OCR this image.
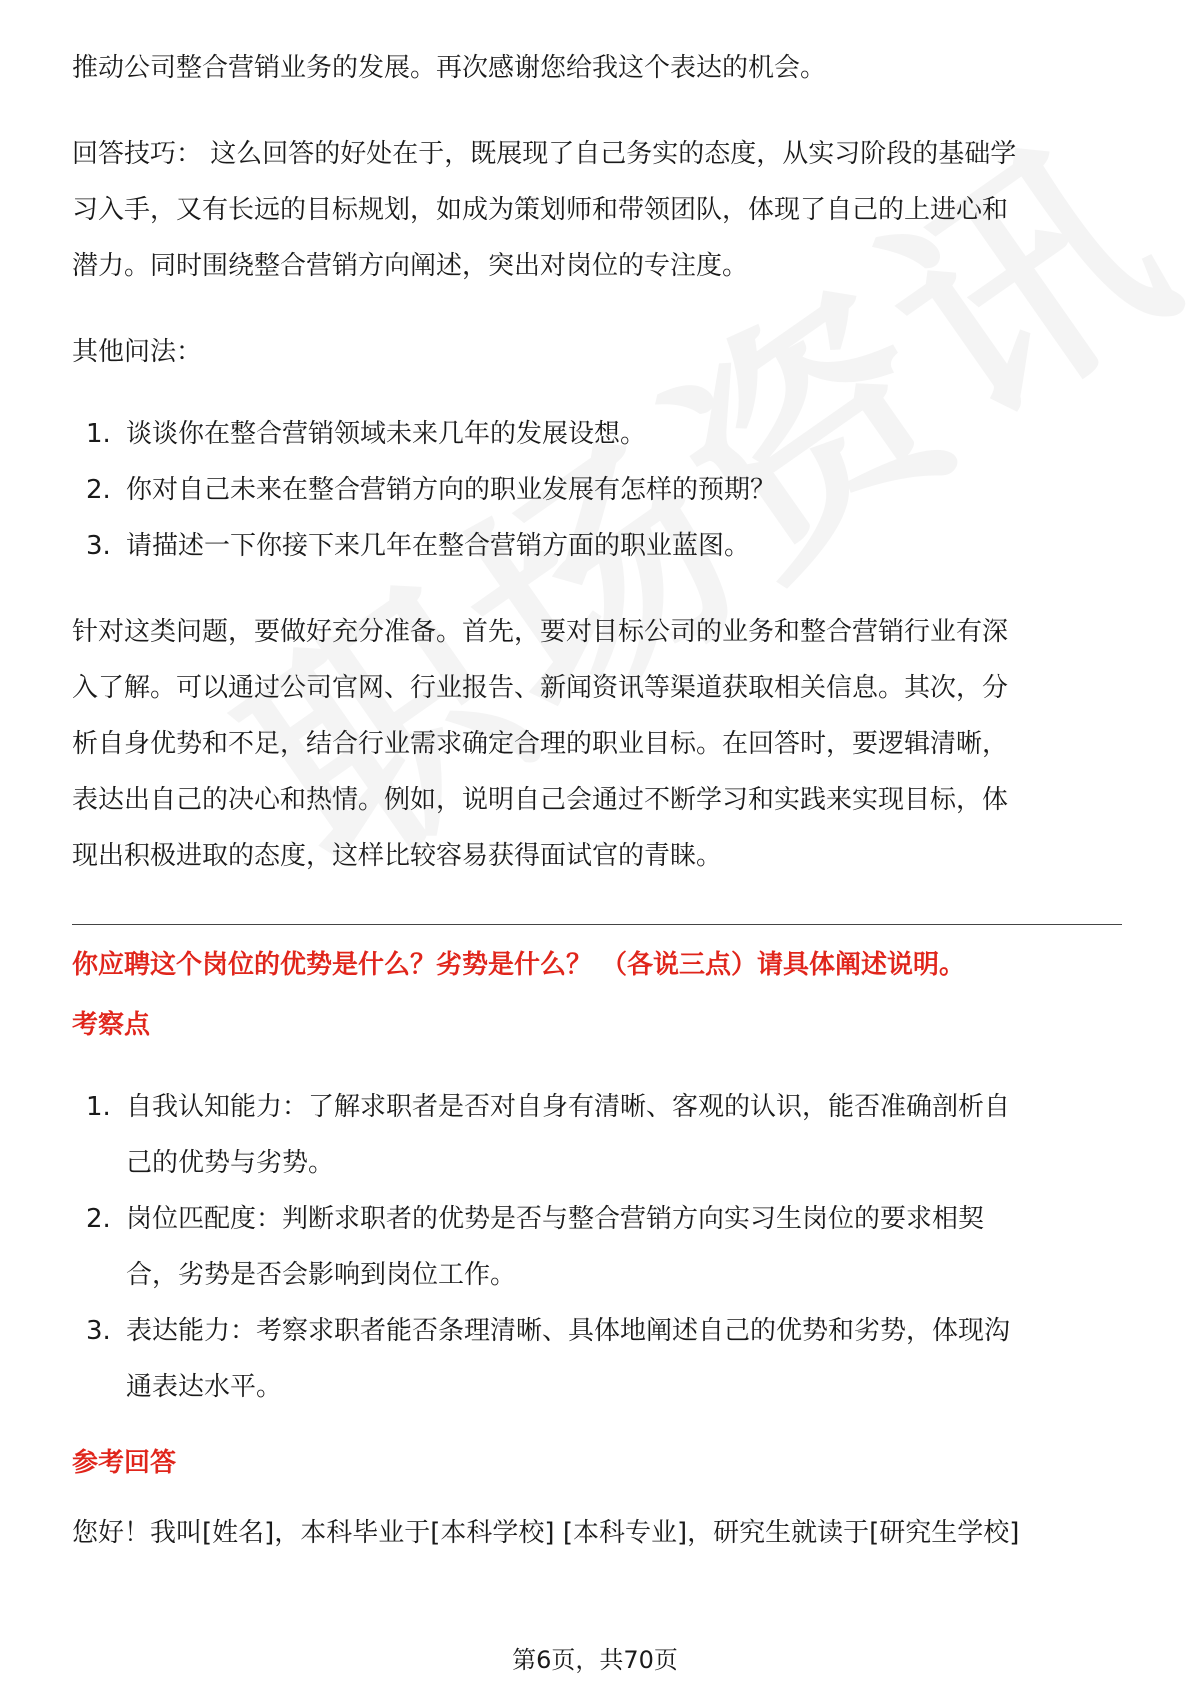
推动公司整合营销业务的发展。再次感谢您给我这个表达的机会。

回答技巧： 这么回答的好处在于，既展现了自己务实的态度，从实习阶段的基础学

习入手，又有长远的目标规划，如成为策划师和带领团队，体现了自己的上进心和

潜力。同时围绕整合营销方向阐述，突出对岗位的专注度。

其他问法：

1. 谈谈你在整合营销领域未来几年的发展设想。
2. 你对自己未来在整合营销方向的职业发展有怎样的预期？
3. 请描述一下你接下来几年在整合营销方面的职业蓝图。

针对这类问题，要做好充分准备。首先，要对目标公司的业务和整合营销行业有深

入了解。可以通过公司官网、行业报告、新闻资讯等渠道获取相关信息。其次，分

析自身优势和不足，结合行业需求确定合理的职业目标。在回答时，要逻辑清晰，

表达出自己的决心和热情。例如，说明自己会通过不断学习和实践来实现目标，体

现出积极进取的态度，这样比较容易获得面试官的青睐。

你应聘这个岗位的优势是什么？劣势是什么？ （各说三点）请具体阐述说明。

考察点

1. 自我认知能力：了解求职者是否对自身有清晰、客观的认识，能否准确剖析自
己的优势与劣势。
2. 岗位匹配度：判断求职者的优势是否与整合营销方向实习生岗位的要求相契
合，劣势是否会影响到岗位工作。
3. 表达能力：考察求职者能否条理清晰、具体地阐述自己的优势和劣势，体现沟
通表达水平。

参考回答

您好！我叫[姓名]，本科毕业于[本科学校] [本科专业]，研究生就读于[研究生学校]

第6页，共70页
